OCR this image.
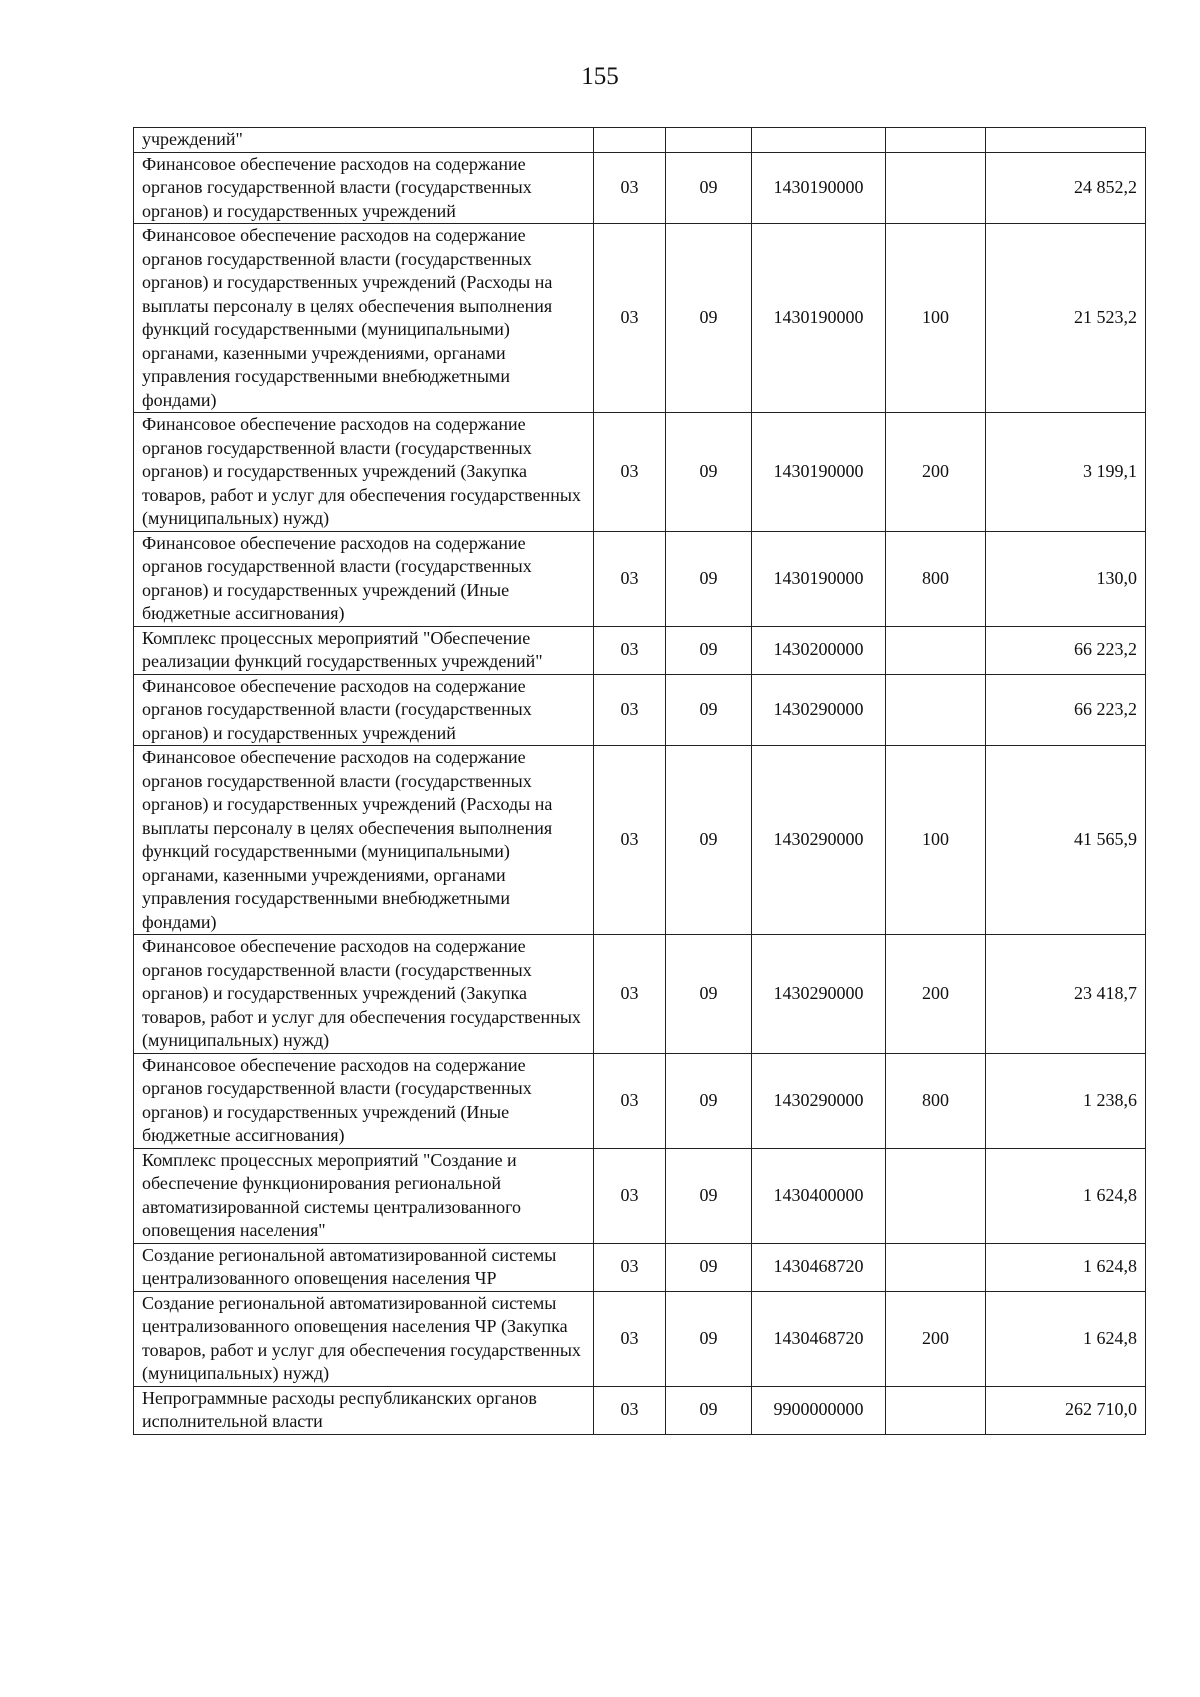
155
учреждений"					
Финансовое обеспечение расходов на содержание органов государственной власти (государственных органов) и государственных учреждений	03	09	1430190000		24 852,2
Финансовое обеспечение расходов на содержание органов государственной власти (государственных органов) и государственных учреждений (Расходы на выплаты персоналу в целях обеспечения выполнения функций государственными (муниципальными) органами, казенными учреждениями, органами управления государственными внебюджетными фондами)	03	09	1430190000	100	21 523,2
Финансовое обеспечение расходов на содержание органов государственной власти (государственных органов) и государственных учреждений (Закупка товаров, работ и услуг для обеспечения государственных (муниципальных) нужд)	03	09	1430190000	200	3 199,1
Финансовое обеспечение расходов на содержание органов государственной власти (государственных органов) и государственных учреждений (Иные бюджетные ассигнования)	03	09	1430190000	800	130,0
Комплекс процессных мероприятий "Обеспечение реализации функций государственных учреждений"	03	09	1430200000		66 223,2
Финансовое обеспечение расходов на содержание органов государственной власти (государственных органов) и государственных учреждений	03	09	1430290000		66 223,2
Финансовое обеспечение расходов на содержание органов государственной власти (государственных органов) и государственных учреждений (Расходы на выплаты персоналу в целях обеспечения выполнения функций государственными (муниципальными) органами, казенными учреждениями, органами управления государственными внебюджетными фондами)	03	09	1430290000	100	41 565,9
Финансовое обеспечение расходов на содержание органов государственной власти (государственных органов) и государственных учреждений (Закупка товаров, работ и услуг для обеспечения государственных (муниципальных) нужд)	03	09	1430290000	200	23 418,7
Финансовое обеспечение расходов на содержание органов государственной власти (государственных органов) и государственных учреждений (Иные бюджетные ассигнования)	03	09	1430290000	800	1 238,6
Комплекс процессных мероприятий "Создание и обеспечение функционирования региональной автоматизированной системы централизованного оповещения населения"	03	09	1430400000		1 624,8
Создание региональной автоматизированной системы централизованного оповещения населения ЧР	03	09	1430468720		1 624,8
Создание региональной автоматизированной системы централизованного оповещения населения ЧР (Закупка товаров, работ и услуг для обеспечения государственных (муниципальных) нужд)	03	09	1430468720	200	1 624,8
Непрограммные расходы республиканских органов исполнительной власти	03	09	9900000000		262 710,0
